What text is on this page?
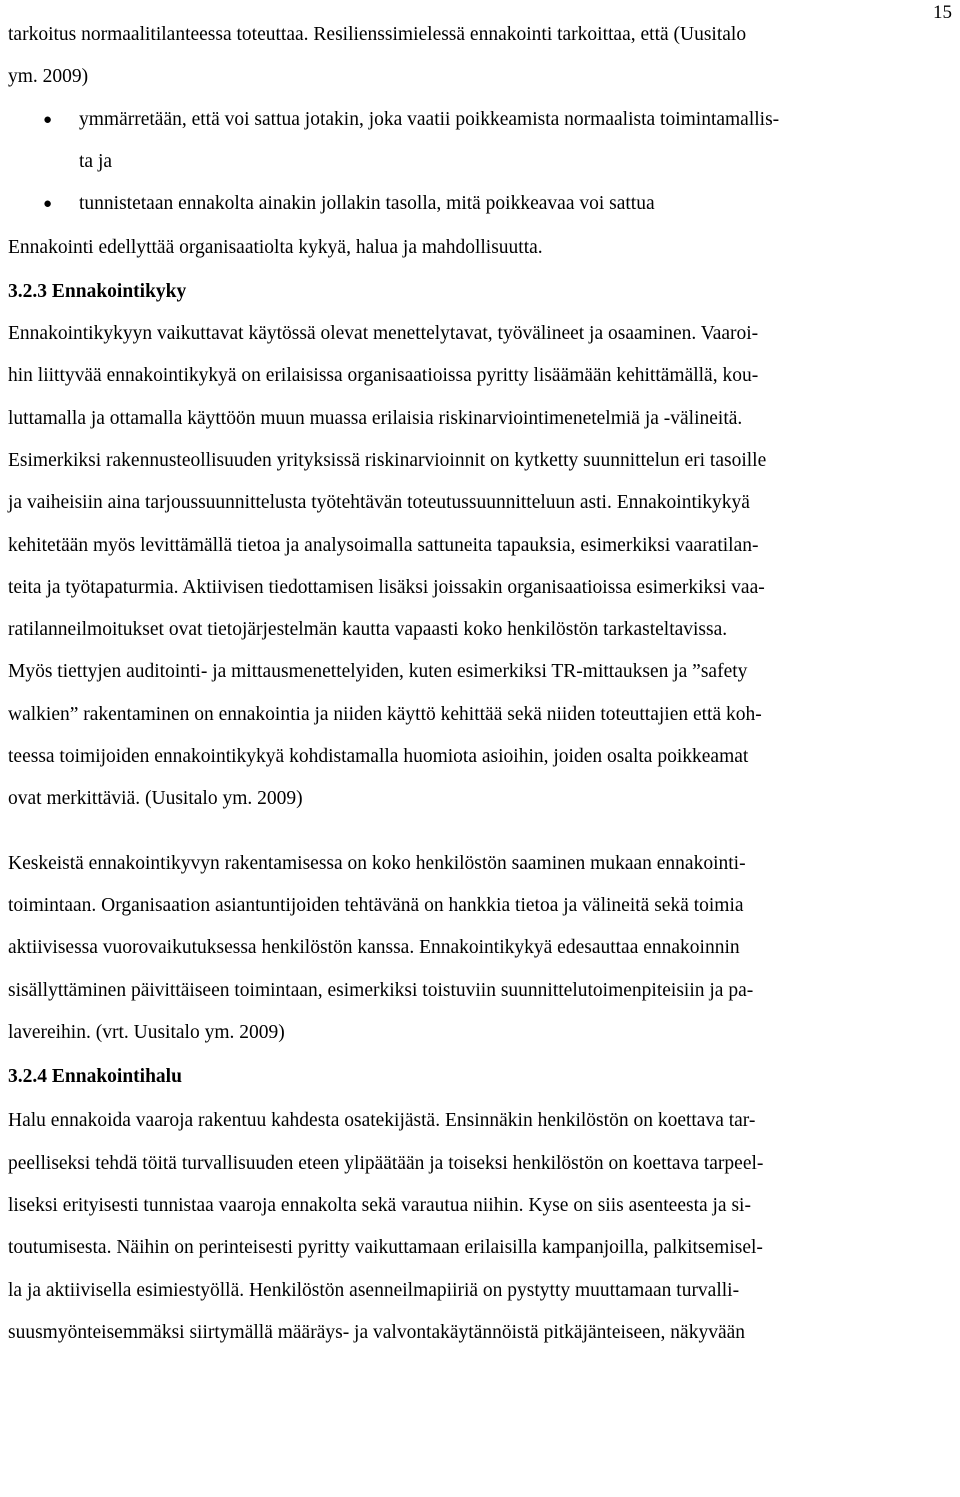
15
tarkoitus normaalitilanteessa toteuttaa. Resilienssimielessä ennakointi tarkoittaa, että (Uusitalo
ym. 2009)
● ymmärretään, että voi sattua jotakin, joka vaatii poikkeamista normaalista toimintamallis-
ta ja
● tunnistetaan ennakolta ainakin jollakin tasolla, mitä poikkeavaa voi sattua
Ennakointi edellyttää organisaatiolta kykyä, halua ja mahdollisuutta.
3.2.3 Ennakointikyky
Ennakointikykyyn vaikuttavat käytössä olevat menettelytavat, työvälineet ja osaaminen. Vaaroi-
hin liittyvää ennakointikykyä on erilaisissa organisaatioissa pyritty lisäämään kehittämällä, kou-
luttamalla ja ottamalla käyttöön muun muassa erilaisia riskinarviointimenetelmiä ja -välineitä.
Esimerkiksi rakennusteollisuuden yrityksissä riskinarvioinnit on kytketty suunnittelun eri tasoille
ja vaiheisiin aina tarjoussuunnittelusta työtehtävän toteutussuunnitteluun asti. Ennakointikykyä
kehitetään myös levittämällä tietoa ja analysoimalla sattuneita tapauksia, esimerkiksi vaaratilan-
teita ja työtapaturmia. Aktiivisen tiedottamisen lisäksi joissakin organisaatioissa esimerkiksi vaa-
ratilanneilmoitukset ovat tietojärjestelmän kautta vapaasti koko henkilöstön tarkasteltavissa.
Myös tiettyjen auditointi- ja mittausmenettelyiden, kuten esimerkiksi TR-mittauksen ja ”safety
walkien” rakentaminen on ennakointia ja niiden käyttö kehittää sekä niiden toteuttajien että koh-
teessa toimijoiden ennakointikykyä kohdistamalla huomiota asioihin, joiden osalta poikkeamat
ovat merkittäviä. (Uusitalo ym. 2009)
Keskeistä ennakointikyvyn rakentamisessa on koko henkilöstön saaminen mukaan ennakointi-
toimintaan. Organisaation asiantuntijoiden tehtävänä on hankkia tietoa ja välineitä sekä toimia
aktiivisessa vuorovaikutuksessa henkilöstön kanssa. Ennakointikykyä edesauttaa ennakoinnin
sisällyttäminen päivittäiseen toimintaan, esimerkiksi toistuviin suunnittelutoimenpiteisiin ja pa-
lavereihin. (vrt. Uusitalo ym. 2009)
3.2.4 Ennakointihalu
Halu ennakoida vaaroja rakentuu kahdesta osatekijästä. Ensinnäkin henkilöstön on koettava tar-
peelliseksi tehdä töitä turvallisuuden eteen ylipäätään ja toiseksi henkilöstön on koettava tarpeel-
liseksi erityisesti tunnistaa vaaroja ennakolta sekä varautua niihin. Kyse on siis asenteesta ja si-
toutumisesta. Näihin on perinteisesti pyritty vaikuttamaan erilaisilla kampanjoilla, palkitsemisel-
la ja aktiivisella esimiestyöllä. Henkilöstön asenneilmapiiriä on pystytty muuttamaan turvalli-
suusmyönteisemmäksi siirtymällä määräys- ja valvontakäytännöistä pitkäjänteiseen, näkyvään
